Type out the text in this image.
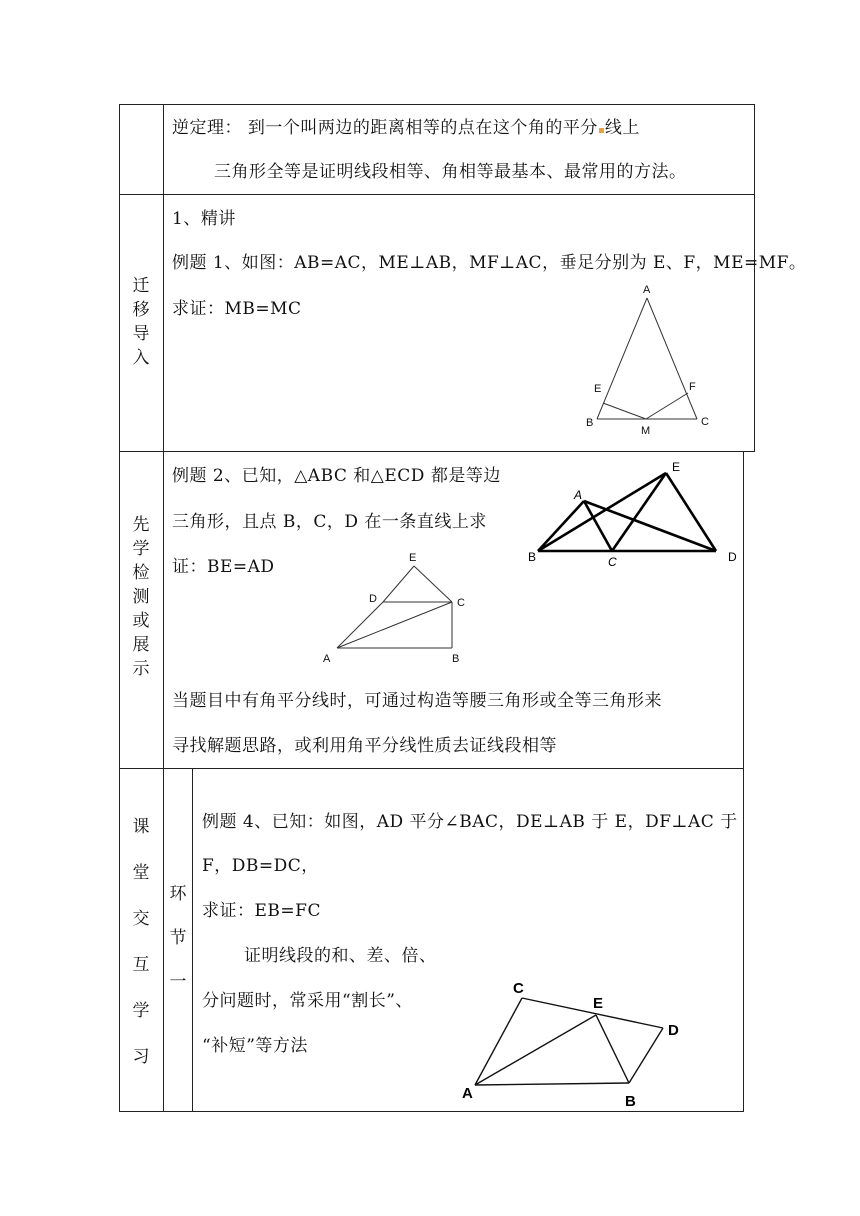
逆定理： 到一个叫两边的距离相等的点在这个角的平分 线上
三角形全等是证明线段相等、角相等最基本、最常用的方法。
迁
移
导
入
1、精讲
例题 1、如图：AB=AC，ME⊥AB，MF⊥AC，垂足分别为 E、F，ME=MF。
求证：MB=MC
A
E	F
B
M
C
先
学
检
测
或
展
示
例题 2、已知，△ABC 和△ECD 都是等边
三角形，且点 B，C，D 在一条直线上求
证：BE=AD	E
D	C
A	B
E
A
B	C	D
当题目中有角平分线时，可通过构造等腰三角形或全等三角形来
寻找解题思路，或利用角平分线性质去证线段相等
课
堂
交
互
学
习
环
节
一
例题 4、已知：如图，AD 平分∠BAC，DE⊥AB 于 E，DF⊥AC 于
F，DB=DC，
求证：EB=FC
证明线段的和、差、倍、
分问题时，常采用“割长”、
“补短”等方法
C
E
D
A	B
